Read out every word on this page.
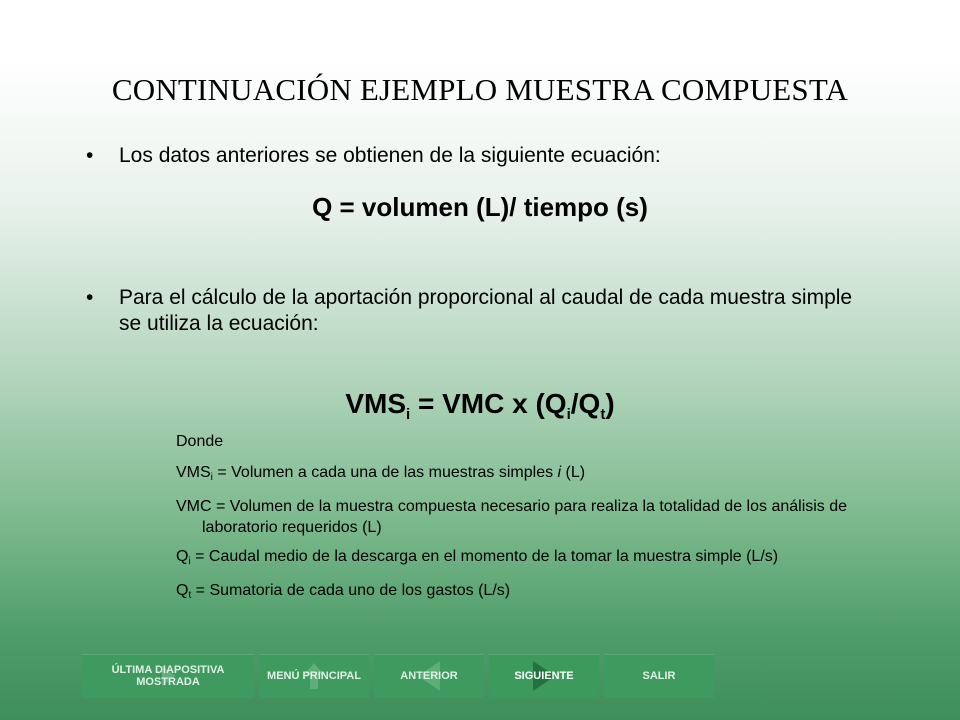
CONTINUACIÓN EJEMPLO MUESTRA COMPUESTA
• Los datos anteriores se obtienen de la siguiente ecuación:
Q = volumen (L)/ tiempo (s)
• Para el cálculo de la aportación proporcional al caudal de cada muestra simple se utiliza la ecuación:
$VMS_i$ = VMC x $(Q_i/Q_t)$

Donde

$VMS_i$ = Volumen a cada una de las muestras simples i (L)

VMC = Volumen de la muestra compuesta necesario para realiza la totalidad de los análisis de laboratorio requeridos (L)

$Q_i$ = Caudal medio de la descarga en el momento de la tomar la muestra simple (L/s)

$Q_t$ = Sumatoria de cada uno de los gastos (L/s)

ÚLTIMA DIAPOSITIVA MOSTRADA	MENÚ PRINCIPAL	ANTERIOR	SIGUIENTE	SALIR
